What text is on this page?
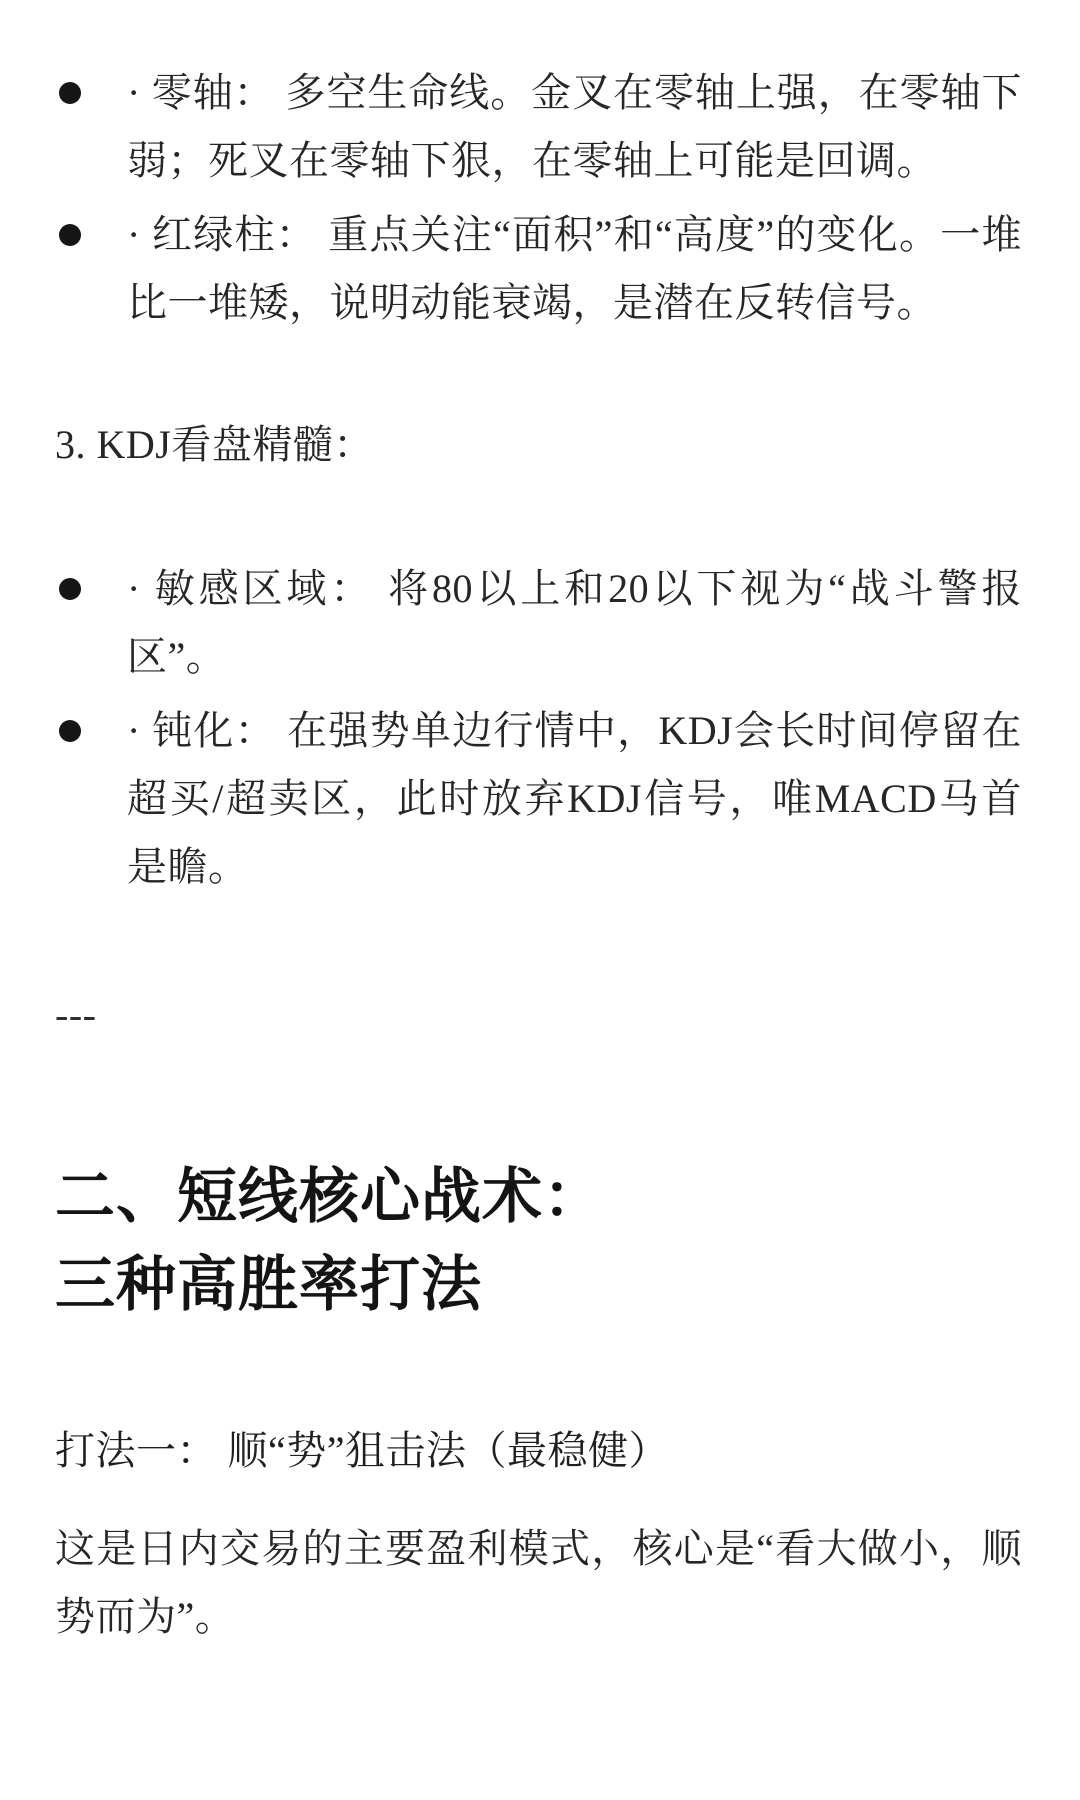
· 零轴： 多空生命线。金叉在零轴上强，在零轴下弱；死叉在零轴下狠，在零轴上可能是回调。
· 红绿柱： 重点关注“面积”和“高度”的变化。一堆比一堆矮，说明动能衰竭，是潜在反转信号。

3. KDJ看盘精髓：

· 敏感区域： 将80以上和20以下视为“战斗警报区”。
· 钝化： 在强势单边行情中，KDJ会长时间停留在超买/超卖区，此时放弃KDJ信号，唯MACD马首是瞻。

---

二、短线核心战术：
三种高胜率打法

打法一： 顺“势”狙击法（最稳健）

这是日内交易的主要盈利模式，核心是“看大做小，顺势而为”。
